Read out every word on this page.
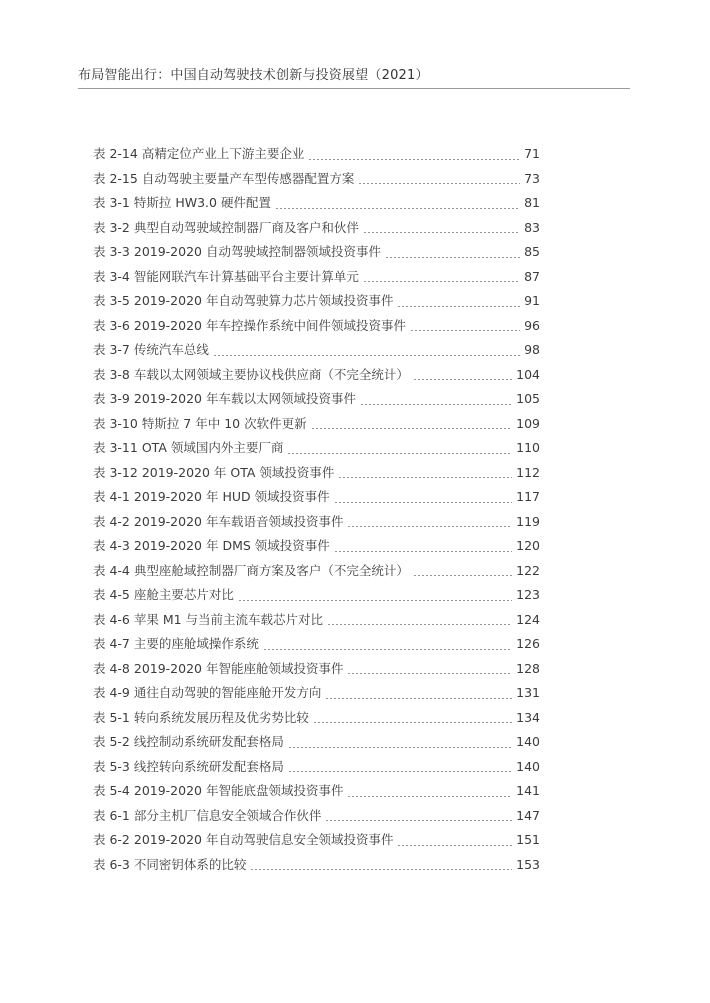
布局智能出行：中国自动驾驶技术创新与投资展望（2021）
表 2-14 高精定位产业上下游主要企业	71
表 2-15 自动驾驶主要量产车型传感器配置方案	73
表 3-1 特斯拉 HW3.0 硬件配置	81
表 3-2 典型自动驾驶域控制器厂商及客户和伙伴	83
表 3-3 2019-2020 自动驾驶域控制器领域投资事件	85
表 3-4 智能网联汽车计算基础平台主要计算单元	87
表 3-5 2019-2020 年自动驾驶算力芯片领域投资事件	91
表 3-6 2019-2020 年车控操作系统中间件领域投资事件	96
表 3-7 传统汽车总线	98
表 3-8 车载以太网领域主要协议栈供应商（不完全统计）	104
表 3-9 2019-2020 年车载以太网领域投资事件	105
表 3-10 特斯拉 7 年中 10 次软件更新	109
表 3-11 OTA 领域国内外主要厂商	110
表 3-12 2019-2020 年 OTA 领域投资事件	112
表 4-1 2019-2020 年 HUD 领域投资事件	117
表 4-2 2019-2020 年车载语音领域投资事件	119
表 4-3 2019-2020 年 DMS 领域投资事件	120
表 4-4 典型座舱域控制器厂商方案及客户（不完全统计）	122
表 4-5 座舱主要芯片对比	123
表 4-6 苹果 M1 与当前主流车载芯片对比	124
表 4-7 主要的座舱域操作系统	126
表 4-8 2019-2020 年智能座舱领域投资事件	128
表 4-9 通往自动驾驶的智能座舱开发方向	131
表 5-1 转向系统发展历程及优劣势比较	134
表 5-2 线控制动系统研发配套格局	140
表 5-3 线控转向系统研发配套格局	140
表 5-4 2019-2020 年智能底盘领域投资事件	141
表 6-1 部分主机厂信息安全领域合作伙伴	147
表 6-2 2019-2020 年自动驾驶信息安全领域投资事件	151
表 6-3 不同密钥体系的比较	153
